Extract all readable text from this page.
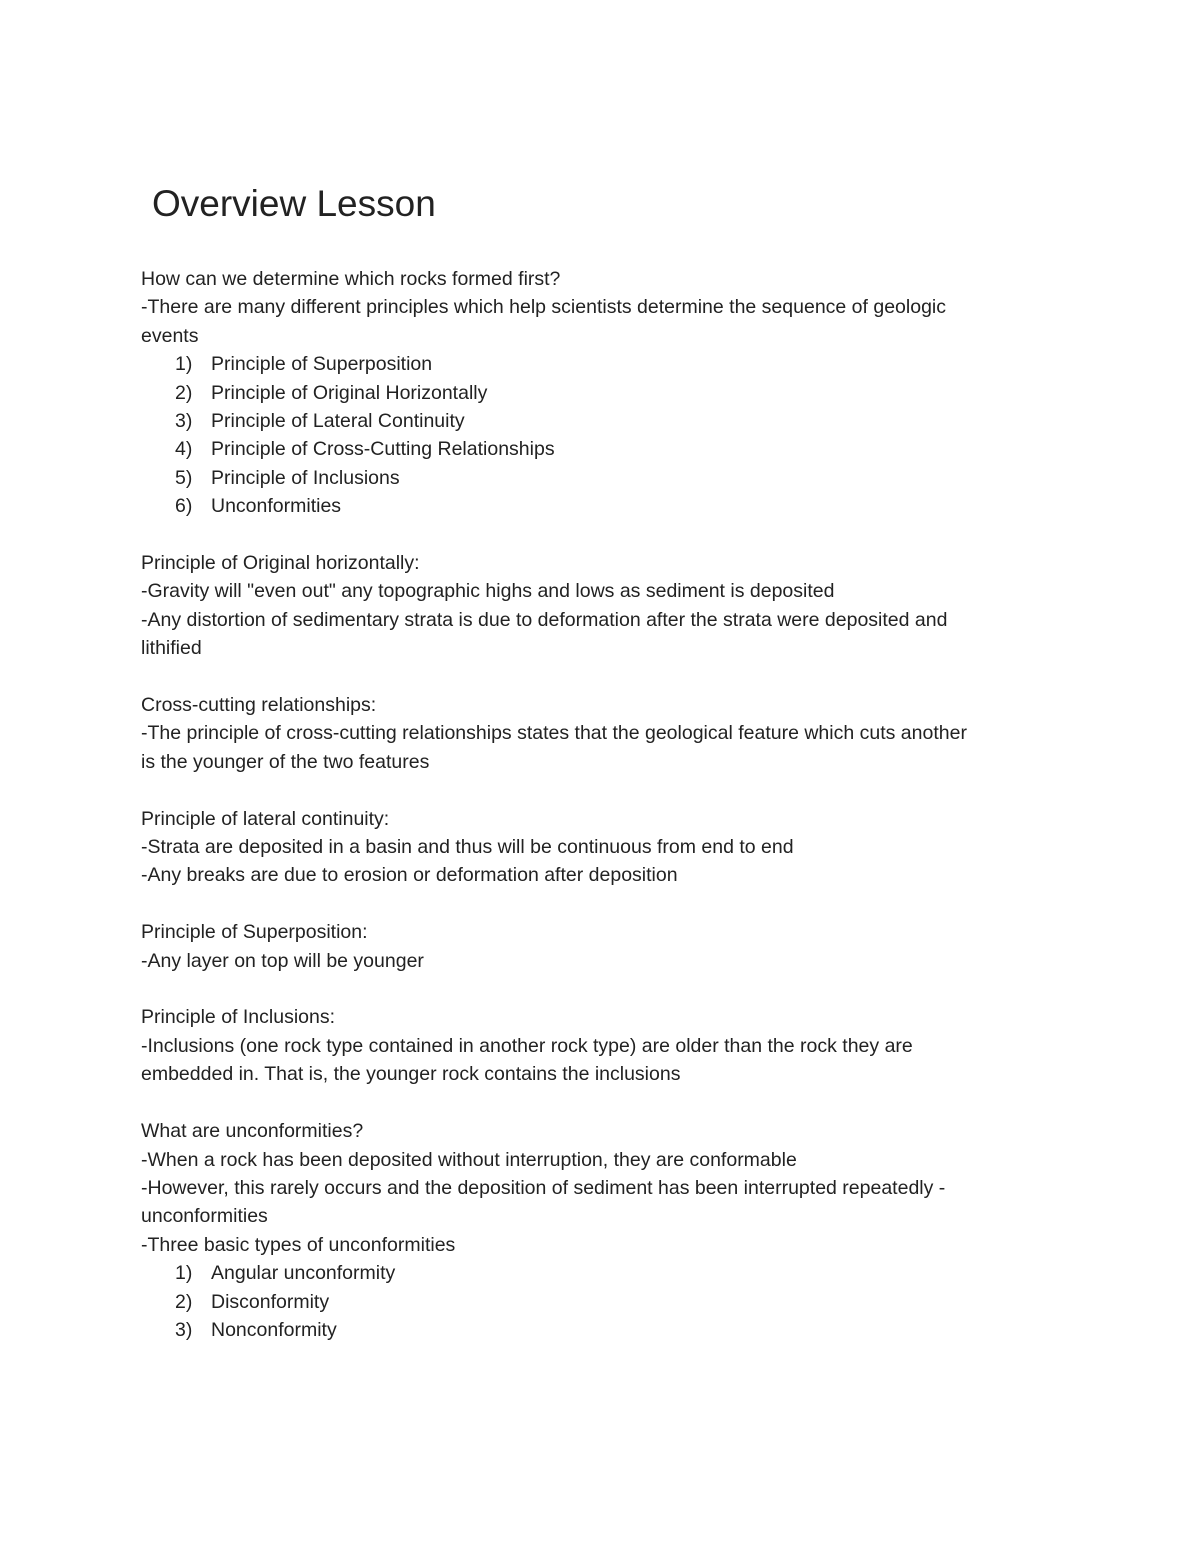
Overview Lesson

How can we determine which rocks formed first?

-There are many different principles which help scientists determine the sequence of geologic

events

1) Principle of Superposition

2) Principle of Original Horizontally

3) Principle of Lateral Continuity

4) Principle of Cross-Cutting Relationships

5) Principle of Inclusions

6) Unconformities

Principle of Original horizontally:

-Gravity will "even out" any topographic highs and lows as sediment is deposited

-Any distortion of sedimentary strata is due to deformation after the strata were deposited and

lithified

Cross-cutting relationships:

-The principle of cross-cutting relationships states that the geological feature which cuts another

is the younger of the two features

Principle of lateral continuity:

-Strata are deposited in a basin and thus will be continuous from end to end

-Any breaks are due to erosion or deformation after deposition

Principle of Superposition:

-Any layer on top will be younger

Principle of Inclusions:

-Inclusions (one rock type contained in another rock type) are older than the rock they are

embedded in. That is, the younger rock contains the inclusions

What are unconformities?

-When a rock has been deposited without interruption, they are conformable

-However, this rarely occurs and the deposition of sediment has been interrupted repeatedly -

unconformities

-Three basic types of unconformities

1) Angular unconformity

2) Disconformity

3) Nonconformity
